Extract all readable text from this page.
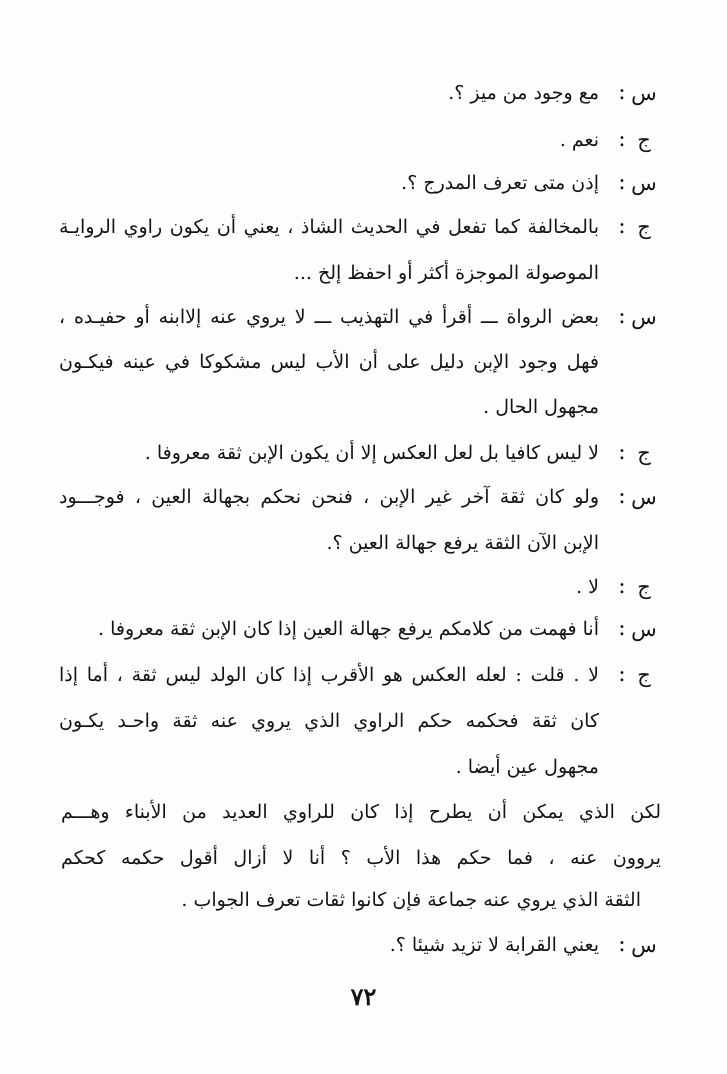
س
:
مع وجود من ميز ؟.
ج
:
نعم .
س
:
إذن متى تعرف المدرج ؟.
ج
:
بالمخالفة كما تفعل في الحديث الشاذ ، يعني أن يكون راوي الروايـة
الموصولة الموجزة أكثر أو احفظ إلخ ...
س
:
بعض الرواة ـــ أقرأ في التهذيب ـــ لا يروي عنه إلاابنه أو حفيـده ،
فهل وجود الإبن دليل على أن الأب ليس مشكوكا في عينه فيكـون
مجهول الحال .
ج
:
لا ليس كافيا بل لعل العكس إلا أن يكون الإبن ثقة معروفا .
س
:
ولو كان ثقة آخر غير الإبن ، فنحن نحكم بجهالة العين ، فوجـــود
الإبن الآن الثقة يرفع جهالة العين ؟.
ج
:
لا .
س
:
أنا فهمت من كلامكم يرفع جهالة العين إذا كان الإبن ثقة معروفا .
ج
:
لا . قلت : لعله العكس هو الأقرب إذا كان الولد ليس ثقة ، أما إذا
كان ثقة فحكمه حكم الراوي الذي يروي عنه ثقة واحـد يكـون
مجهول عين أيضا .
لكن الذي يمكن أن يطرح إذا كان للراوي العديد من الأبناء وهـــم
يروون عنه ، فما حكم هذا الأب ؟ أنا لا أزال أقول حكمه كحكم
الثقة الذي يروي عنه جماعة فإن كانوا ثقات تعرف الجواب .
س
:
يعني القرابة لا تزيد شيئا ؟.
٧٢
